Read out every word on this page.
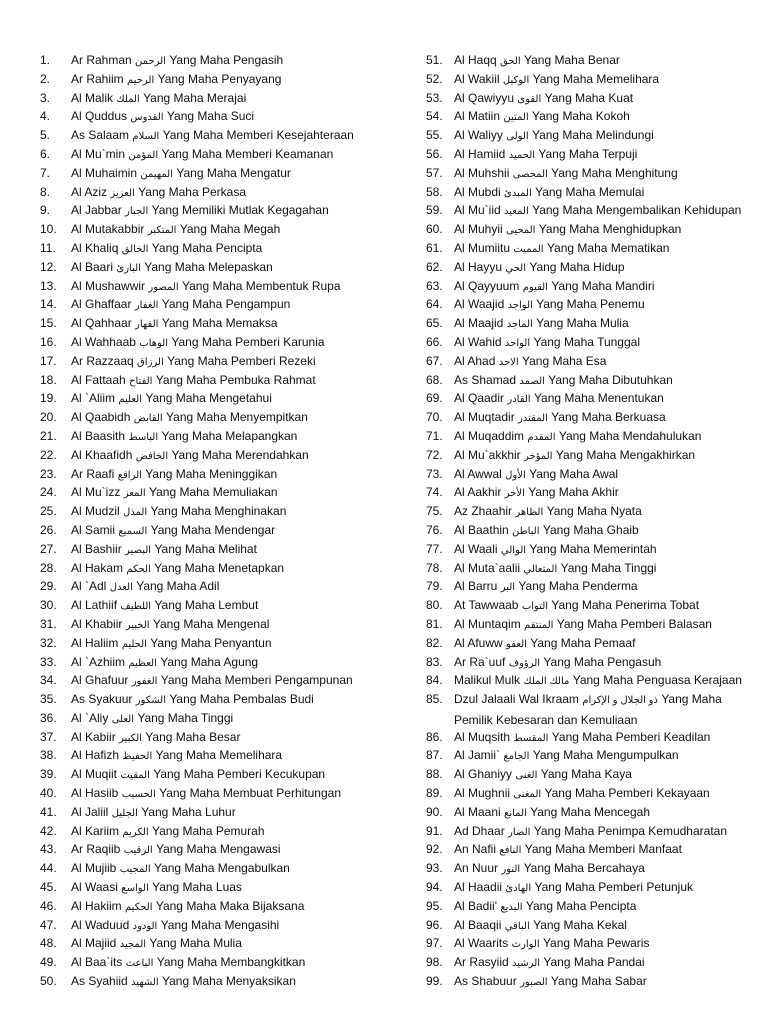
1. Ar Rahman الرحمن Yang Maha Pengasih
2. Ar Rahiim الرحيم Yang Maha Penyayang
3. Al Malik الملك Yang Maha Merajai
4. Al Quddus القدوس Yang Maha Suci
5. As Salaam السلام Yang Maha Memberi Kesejahteraan
6. Al Mu`min المؤمن Yang Maha Memberi Keamanan
7. Al Muhaimin المهيمن Yang Maha Mengatur
8. Al Aziz العزيز Yang Maha Perkasa
9. Al Jabbar الجبار Yang Memiliki Mutlak Kegagahan
10. Al Mutakabbir المتكبر Yang Maha Megah
11. Al Khaliq الخالق Yang Maha Pencipta
12. Al Baari البارئ Yang Maha Melepaskan
13. Al Mushawwir المصور Yang Maha Membentuk Rupa
14. Al Ghaffaar الغفار Yang Maha Pengampun
15. Al Qahhaar القهار Yang Maha Memaksa
16. Al Wahhaab الوهاب Yang Maha Pemberi Karunia
17. Ar Razzaaq الرزاق Yang Maha Pemberi Rezeki
18. Al Fattaah الفتاح Yang Maha Pembuka Rahmat
19. Al `Aliim العليم Yang Maha Mengetahui
20. Al Qaabidh القابض Yang Maha Menyempitkan
21. Al Baasith الباسط Yang Maha Melapangkan
22. Al Khaafidh الخافض Yang Maha Merendahkan
23. Ar Raafi الرافع Yang Maha Meninggikan
24. Al Mu`izz المعز Yang Maha Memuliakan
25. Al Mudzil المذل Yang Maha Menghinakan
26. Al Samii السميع Yang Maha Mendengar
27. Al Bashiir البصير Yang Maha Melihat
28. Al Hakam الحكم Yang Maha Menetapkan
29. Al `Adl العدل Yang Maha Adil
30. Al Lathiif اللطيف Yang Maha Lembut
31. Al Khabiir الخبير Yang Maha Mengenal
32. Al Haliim الحليم Yang Maha Penyantun
33. Al `Azhiim العظيم Yang Maha Agung
34. Al Ghafuur الغفور Yang Maha Memberi Pengampunan
35. As Syakuur الشكور Yang Maha Pembalas Budi
36. Al `Aliy العلى Yang Maha Tinggi
37. Al Kabiir الكبير Yang Maha Besar
38. Al Hafizh الحفيظ Yang Maha Memelihara
39. Al Muqiit المقيت Yang Maha Pemberi Kecukupan
40. Al Hasiib الحسيب Yang Maha Membuat Perhitungan
41. Al Jaliil الجليل Yang Maha Luhur
42. Al Kariim الكريم Yang Maha Pemurah
43. Ar Raqiib الرقيب Yang Maha Mengawasi
44. Al Mujiib المجيب Yang Maha Mengabulkan
45. Al Waasi الواسع Yang Maha Luas
46. Al Hakiim الحكيم Yang Maha Maka Bijaksana
47. Al Waduud الودود Yang Maha Mengasihi
48. Al Majiid المجيد Yang Maha Mulia
49. Al Baa`its الباعث Yang Maha Membangkitkan
50. As Syahiid الشهيد Yang Maha Menyaksikan
51. Al Haqq الحق Yang Maha Benar
52. Al Wakiil الوكيل Yang Maha Memelihara
53. Al Qawiyyu القوى Yang Maha Kuat
54. Al Matiin المتين Yang Maha Kokoh
55. Al Waliyy الولى Yang Maha Melindungi
56. Al Hamiid الحميد Yang Maha Terpuji
57. Al Muhshii المحصى Yang Maha Menghitung
58. Al Mubdi المبدئ Yang Maha Memulai
59. Al Mu`iid المعيد Yang Maha Mengembalikan Kehidupan
60. Al Muhyii المحيى Yang Maha Menghidupkan
61. Al Mumiitu المميت Yang Maha Mematikan
62. Al Hayyu الحي Yang Maha Hidup
63. Al Qayyuum القيوم Yang Maha Mandiri
64. Al Waajid الواجد Yang Maha Penemu
65. Al Maajid الماجد Yang Maha Mulia
66. Al Wahid الواحد Yang Maha Tunggal
67. Al Ahad الاحد Yang Maha Esa
68. As Shamad الصمد Yang Maha Dibutuhkan
69. Al Qaadir القادر Yang Maha Menentukan
70. Al Muqtadir المقتدر Yang Maha Berkuasa
71. Al Muqaddim المقدم Yang Maha Mendahulukan
72. Al Mu`akkhir المؤخر Yang Maha Mengakhirkan
73. Al Awwal الأول Yang Maha Awal
74. Al Aakhir الأخر Yang Maha Akhir
75. Az Zhaahir الظاهر Yang Maha Nyata
76. Al Baathin الباطن Yang Maha Ghaib
77. Al Waali الوالي Yang Maha Memerintah
78. Al Muta`aalii المتعالي Yang Maha Tinggi
79. Al Barru البر Yang Maha Penderma
80. At Tawwaab التواب Yang Maha Penerima Tobat
81. Al Muntaqim المنتقم Yang Maha Pemberi Balasan
82. Al Afuww العفو Yang Maha Pemaaf
83. Ar Ra`uuf الرؤوف Yang Maha Pengasuh
84. Malikul Mulk مالك الملك Yang Maha Penguasa Kerajaan
85. Dzul Jalaali Wal Ikraam ذو الجلال و الإكرام Yang Maha Pemilik Kebesaran dan Kemuliaan
86. Al Muqsith المقسط Yang Maha Pemberi Keadilan
87. Al Jamii` الجامع Yang Maha Mengumpulkan
88. Al Ghaniyy الغنى Yang Maha Kaya
89. Al Mughnii المغنى Yang Maha Pemberi Kekayaan
90. Al Maani المانع Yang Maha Mencegah
91. Ad Dhaar الضار Yang Maha Penimpa Kemudharatan
92. An Nafii النافع Yang Maha Memberi Manfaat
93. An Nuur النور Yang Maha Bercahaya
94. Al Haadii الهادئ Yang Maha Pemberi Petunjuk
95. Al Badii' البديع Yang Maha Pencipta
96. Al Baaqii الباقي Yang Maha Kekal
97. Al Waarits الوارث Yang Maha Pewaris
98. Ar Rasyiid الرشيد Yang Maha Pandai
99. As Shabuur الصبور Yang Maha Sabar
